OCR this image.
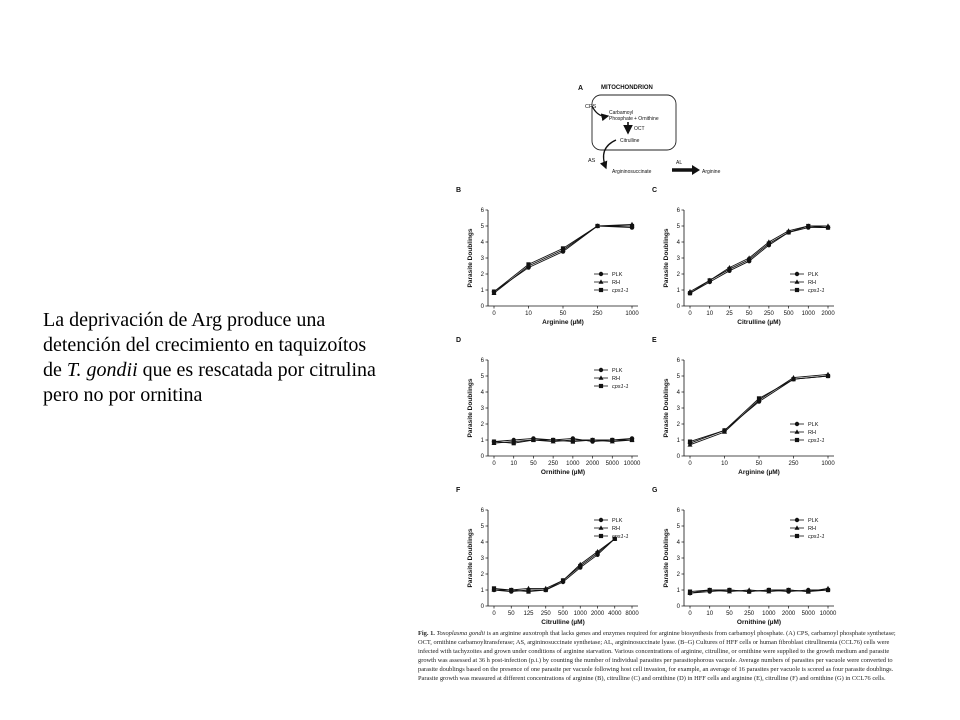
La deprivación de Arg produce una detención del crecimiento en taquizoítos de T. gondii que es rescatada por citrulina pero no por ornitina
A	MITOCHONDRION
CPS
Carbamoyl
Phosphate + Ornithine
OCT
Citrulline
AS
Argininosuccinate
AL
Arginine
B
0
1
2
3
4
5
6
0	10	50	250	1000
Arginine (µM)
Parasite Doublings	PLK
RH
cps1-1
C
0
1
2
3
4
5
6
0 10 25 50 250 500 1000 2000
Citrulline (µM)
Parasite Doublings	PLK
RH
cps1-1
D
0
1
2
3
4
5
6
0 10 50 250 1000 2000 5000 10000
Ornithine (µM)
Parasite Doublings
PLK
RH
cps1-1
E
0
1
2
3
4
5
6
0	10	50	250	1000
Arginine (µM)
Parasite Doublings	PLK
RH
cps1-1
F
0
1
2
3
4
5
6
0 50 125 250 500 1000 2000 4000 8000
Citrulline (µM)
Parasite Doublings
PLK
RH
cps1-1
G
0
1
2
3
4
5
6
0 10 50 250 1000 2000 5000 10000
Ornithine (µM)
Parasite Doublings
PLK
RH
cps1-1
Fig. 1. Toxoplasma gondii is an arginine auxotroph that lacks genes and enzymes required for arginine biosynthesis from carbamoyl phosphate. (A) CPS, carbamoyl phosphate synthetase; OCT, ornithine carbamoyltransferase; AS, argininosuccinate synthetase; AL, argininosuccinate lyase. (B–G) Cultures of HFF cells or human fibroblast citrullinemia (CCL76) cells were infected with tachyzoites and grown under conditions of arginine starvation. Various concentrations of arginine, citrulline, or ornithine were supplied to the growth medium and parasite growth was assessed at 36 h post-infection (p.i.) by counting the number of individual parasites per parasitophorous vacuole. Average numbers of parasites per vacuole were converted to parasite doublings based on the presence of one parasite per vacuole following host cell invasion, for example, an average of 16 parasites per vacuole is scored as four parasite doublings. Parasite growth was measured at different concentrations of arginine (B), citrulline (C) and ornithine (D) in HFF cells and arginine (E), citrulline (F) and ornithine (G) in CCL76 cells.
